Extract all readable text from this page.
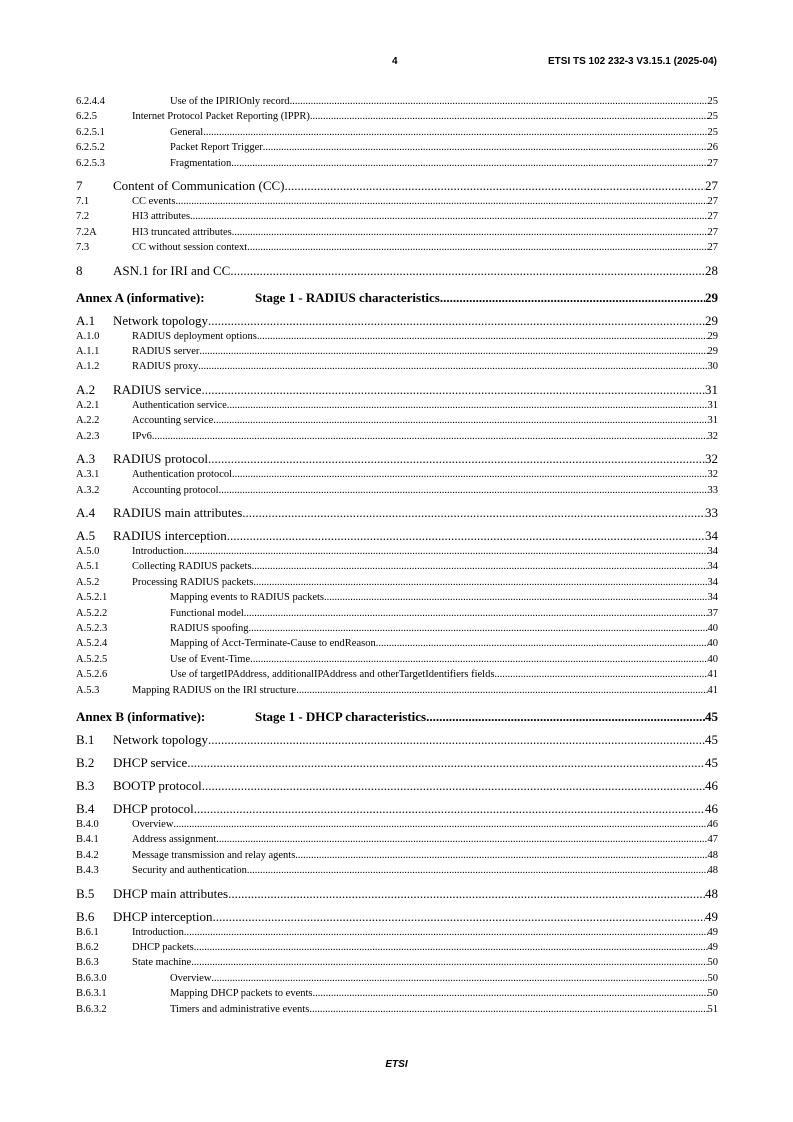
4	ETSI TS 102 232-3 V3.15.1 (2025-04)
6.2.4.4	Use of the IPIRIOnly record .....	25
6.2.5	Internet Protocol Packet Reporting (IPPR) .....	25
6.2.5.1	General .....	25
6.2.5.2	Packet Report Trigger .....	26
6.2.5.3	Fragmentation .....	27
7	Content of Communication (CC) .....	27
7.1	CC events .....	27
7.2	HI3 attributes .....	27
7.2A	HI3 truncated attributes .....	27
7.3	CC without session context .....	27
8	ASN.1 for IRI and CC .....	28
Annex A (informative):	Stage 1 - RADIUS characteristics .....	29
A.1	Network topology .....	29
A.1.0	RADIUS deployment options .....	29
A.1.1	RADIUS server .....	29
A.1.2	RADIUS proxy .....	30
A.2	RADIUS service .....	31
A.2.1	Authentication service .....	31
A.2.2	Accounting service .....	31
A.2.3	IPv6 .....	32
A.3	RADIUS protocol .....	32
A.3.1	Authentication protocol .....	32
A.3.2	Accounting protocol .....	33
A.4	RADIUS main attributes .....	33
A.5	RADIUS interception .....	34
A.5.0	Introduction .....	34
A.5.1	Collecting RADIUS packets .....	34
A.5.2	Processing RADIUS packets .....	34
A.5.2.1	Mapping events to RADIUS packets .....	34
A.5.2.2	Functional model .....	37
A.5.2.3	RADIUS spoofing .....	40
A.5.2.4	Mapping of Acct-Terminate-Cause to endReason .....	40
A.5.2.5	Use of Event-Time .....	40
A.5.2.6	Use of targetIPAddress, additionalIPAddress and otherTargetIdentifiers fields .....	41
A.5.3	Mapping RADIUS on the IRI structure .....	41
Annex B (informative):	Stage 1 - DHCP characteristics .....	45
B.1	Network topology .....	45
B.2	DHCP service .....	45
B.3	BOOTP protocol .....	46
B.4	DHCP protocol .....	46
B.4.0	Overview .....	46
B.4.1	Address assignment .....	47
B.4.2	Message transmission and relay agents .....	48
B.4.3	Security and authentication .....	48
B.5	DHCP main attributes .....	48
B.6	DHCP interception .....	49
B.6.1	Introduction .....	49
B.6.2	DHCP packets .....	49
B.6.3	State machine .....	50
B.6.3.0	Overview .....	50
B.6.3.1	Mapping DHCP packets to events .....	50
B.6.3.2	Timers and administrative events .....	51
ETSI
